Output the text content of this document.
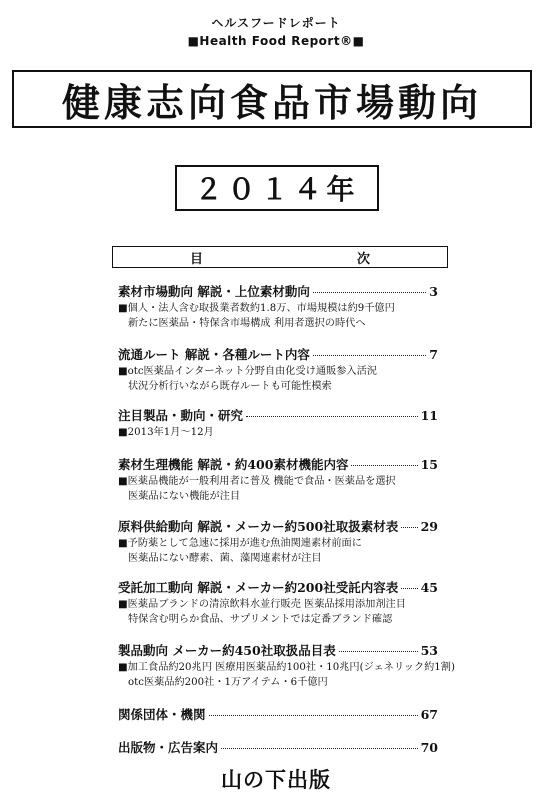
ヘルスフードレポート
■Health Food Report®■
健康志向食品市場動向
２０１４年
目	次
素材市場動向 解説・上位素材動向	3
■個人・法人含む取扱業者数約1.8万、市場規模は約9千億円
新たに医薬品・特保含市場構成 利用者選択の時代へ
流通ルート 解説・各種ルート内容	7
■otc医薬品インターネット分野自由化受け通販参入活況
状況分析行いながら既存ルートも可能性模索
注目製品・動向・研究	11
■2013年1月～12月
素材生理機能 解説・約400素材機能内容	15
■医薬品機能が一般利用者に普及 機能で食品・医薬品を選択
医薬品にない機能が注目
原料供給動向 解説・メーカー約500社取扱素材表 29
■予防薬として急速に採用が進む魚油関連素材前面に
医薬品にない酵素、菌、藻関連素材が注目
受託加工動向 解説・メーカー約200社受託内容表 45
■医薬品ブランドの清涼飲料水並行販売 医薬品採用添加剤注目
特保含む明らか食品、サプリメントでは定番ブランド確認
製品動向 メーカー約450社取扱品目表	53
■加工食品約20兆円 医療用医薬品約100社・10兆円(ジェネリック約1割)
otc医薬品約200社・1万アイテム・6千億円
関係団体・機関	67
出版物・広告案内	70
山の下出版
